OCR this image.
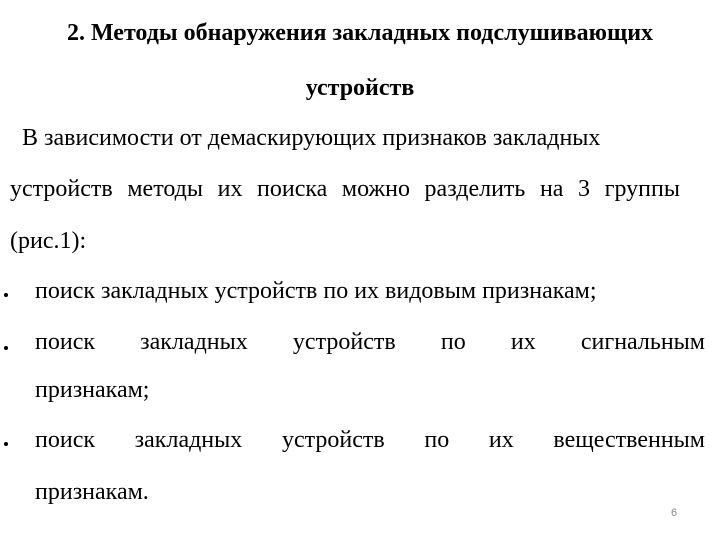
2. Методы обнаружения закладных подслушивающих
устройств
В зависимости от демаскирующих признаков закладных
устройств методы их поиска можно разделить на 3 группы
(рис.1):
поиск закладных устройств по их видовым признакам;
поиск закладных устройств по их сигнальным
признакам;
поиск закладных устройств по их вещественным
признакам.
6
